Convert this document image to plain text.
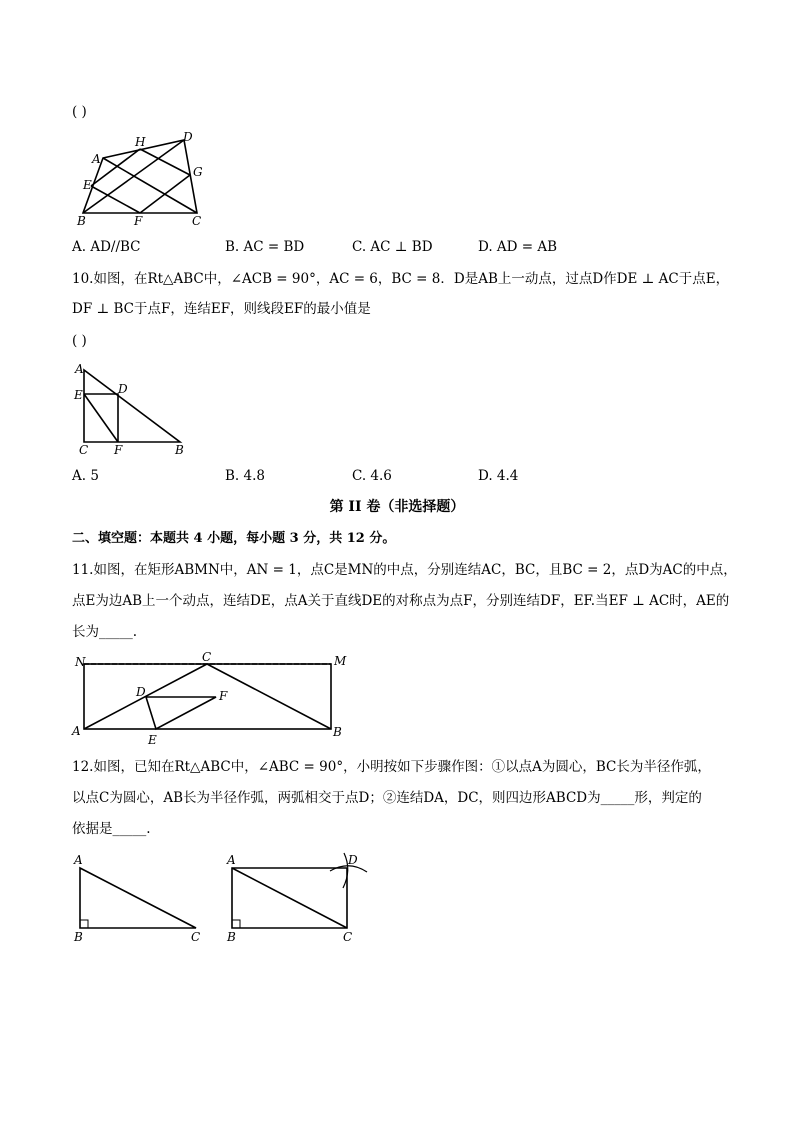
( )
A
H	D
E
G
B	F	C
A. AD//BC	B. AC = BD	C. AC ⊥ BD	D. AD = AB
10.如图，在Rt△ABC中，∠ACB = 90°，AC = 6，BC = 8．D是AB上一动点，过点D作DE ⊥ AC于点E，
DF ⊥ BC于点F，连结EF，则线段EF的最小值是
( )
A
D
E
C F	B
A. 5	B. 4.8	C. 4.6	D. 4.4
第 II 卷（非选择题）
二、填空题：本题共 4 小题，每小题 3 分，共 12 分。
11.如图，在矩形ABMN中，AN = 1，点C是MN的中点，分别连结AC，BC，且BC = 2，点D为AC的中点，
点E为边AB上一个动点，连结DE，点A关于直线DE的对称点为点F，分别连结DF，EF.当EF ⊥ AC时，AE的
长为_____.
N	C	M
D	F
A
E
B
12.如图，已知在Rt△ABC中，∠ABC = 90°，小明按如下步骤作图：①以点A为圆心，BC长为半径作弧，
以点C为圆心，AB长为半径作弧，两弧相交于点D；②连结DA，DC，则四边形ABCD为_____形，判定的
依据是_____.
A
B	C
A	D
B	C
